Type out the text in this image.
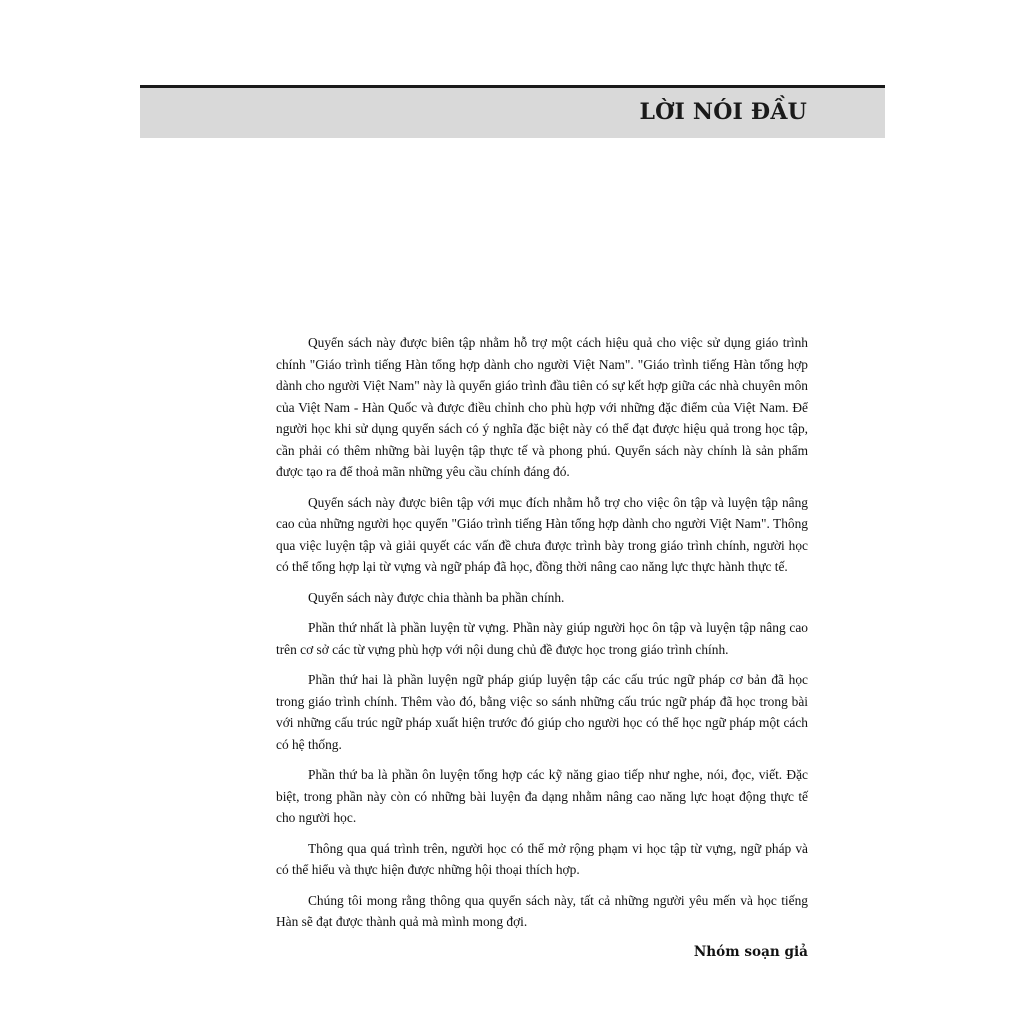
LỜI NÓI ĐẦU

Quyển sách này được biên tập nhằm hỗ trợ một cách hiệu quả cho việc sử dụng giáo trình chính "Giáo trình tiếng Hàn tổng hợp dành cho người Việt Nam". "Giáo trình tiếng Hàn tổng hợp dành cho người Việt Nam" này là quyển giáo trình đầu tiên có sự kết hợp giữa các nhà chuyên môn của Việt Nam - Hàn Quốc và được điều chỉnh cho phù hợp với những đặc điểm của Việt Nam. Để người học khi sử dụng quyển sách có ý nghĩa đặc biệt này có thể đạt được hiệu quả trong học tập, cần phải có thêm những bài luyện tập thực tế và phong phú. Quyển sách này chính là sản phẩm được tạo ra để thoả mãn những yêu cầu chính đáng đó.

Quyển sách này được biên tập với mục đích nhằm hỗ trợ cho việc ôn tập và luyện tập nâng cao của những người học quyển "Giáo trình tiếng Hàn tổng hợp dành cho người Việt Nam". Thông qua việc luyện tập và giải quyết các vấn đề chưa được trình bày trong giáo trình chính, người học có thể tổng hợp lại từ vựng và ngữ pháp đã học, đồng thời nâng cao năng lực thực hành thực tế.

Quyển sách này được chia thành ba phần chính.

Phần thứ nhất là phần luyện từ vựng. Phần này giúp người học ôn tập và luyện tập nâng cao trên cơ sở các từ vựng phù hợp với nội dung chủ đề được học trong giáo trình chính.

Phần thứ hai là phần luyện ngữ pháp giúp luyện tập các cấu trúc ngữ pháp cơ bản đã học trong giáo trình chính. Thêm vào đó, bằng việc so sánh những cấu trúc ngữ pháp đã học trong bài với những cấu trúc ngữ pháp xuất hiện trước đó giúp cho người học có thể học ngữ pháp một cách có hệ thống.

Phần thứ ba là phần ôn luyện tổng hợp các kỹ năng giao tiếp như nghe, nói, đọc, viết. Đặc biệt, trong phần này còn có những bài luyện đa dạng nhằm nâng cao năng lực hoạt động thực tế cho người học.

Thông qua quá trình trên, người học có thể mở rộng phạm vi học tập từ vựng, ngữ pháp và có thể hiểu và thực hiện được những hội thoại thích hợp.

Chúng tôi mong rằng thông qua quyển sách này, tất cả những người yêu mến và học tiếng Hàn sẽ đạt được thành quả mà mình mong đợi.

Nhóm soạn giả
